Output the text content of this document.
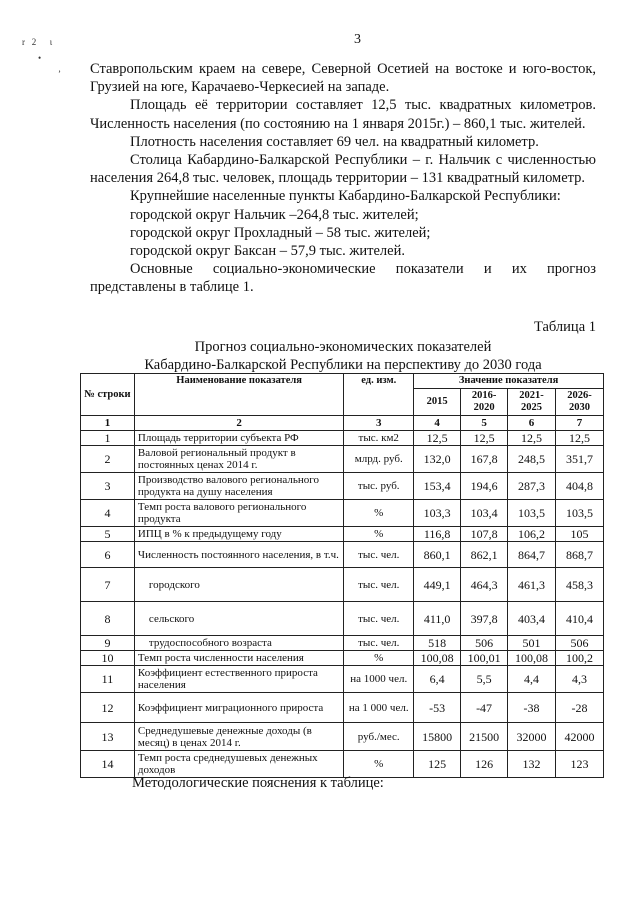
3
r 2 ι
•
ʼ Ставропольским краем на севере, Северной Осетией на востоке и юго-восток, Грузией на юге, Карачаево-Черкесией на западе.

Площадь её территории составляет 12,5 тыс. квадратных километров. Численность населения (по состоянию на 1 января 2015г.) – 860,1 тыс. жителей.

Плотность населения составляет 69 чел. на квадратный километр.

Столица Кабардино-Балкарской Республики – г. Нальчик с численностью населения 264,8 тыс. человек, площадь территории – 131 квадратный километр.

Крупнейшие населенные пункты Кабардино-Балкарской Республики:

городской округ Нальчик –264,8 тыс. жителей;

городской округ Прохладный – 58 тыс. жителей;

городской округ Баксан – 57,9 тыс. жителей.

Основные социально-экономические показатели и их прогноз представлены в таблице 1.

Таблица 1
Прогноз социально-экономических показателей
Кабардино-Балкарской Республики на перспективу до 2030 года
№ строки	Наименование показателя	ед. изм.	Значение показателя			
			2015	2016-2020	2021-2025	2026-2030
1	2	3	4	5	6	7
1	Площадь территории субъекта РФ	тыс. км2	12,5	12,5	12,5	12,5
2	Валовой региональный продукт в постоянных ценах 2014 г.	млрд. руб.	132,0	167,8	248,5	351,7
3	Производство валового регионального продукта на душу населения	тыс. руб.	153,4	194,6	287,3	404,8
4	Темп роста валового регионального продукта	%	103,3	103,4	103,5	103,5
5	ИПЦ в % к предыдущему году	%	116,8	107,8	106,2	105
6	Численность постоянного населения, в т.ч.	тыс. чел.	860,1	862,1	864,7	868,7
7	городского	тыс. чел.	449,1	464,3	461,3	458,3
8	сельского	тыс. чел.	411,0	397,8	403,4	410,4
9	трудоспособного возраста	тыс. чел.	518	506	501	506
10	Темп роста численности населения	%	100,08	100,01	100,08	100,2
11	Коэффициент естественного прироста населения	на 1000 чел.	6,4	5,5	4,4	4,3
12	Коэффициент миграционного прироста	на 1 000 чел.	-53	-47	-38	-28
13	Среднедушевые денежные доходы (в месяц) в ценах 2014 г.	руб./мес.	15800	21500	32000	42000
14	Темп роста среднедушевых денежных доходов	%	125	126	132	123
Методологические пояснения к таблице:
